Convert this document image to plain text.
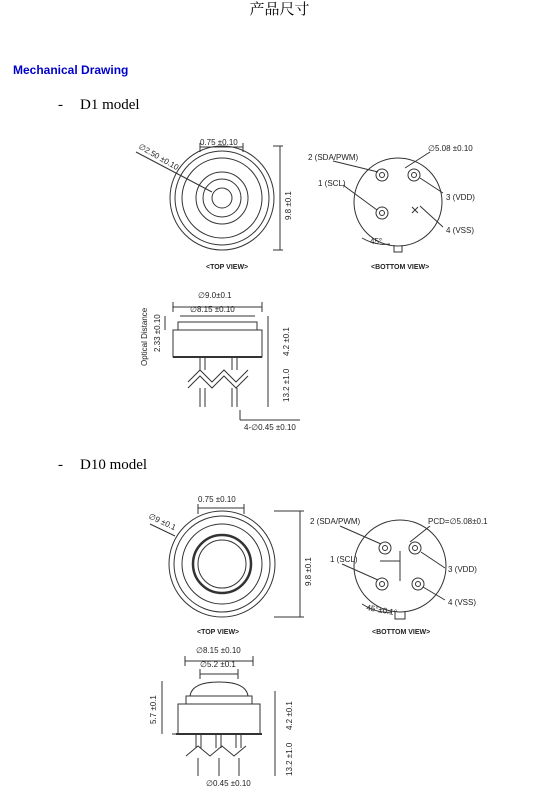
产品尺寸
Mechanical Drawing
- D1 model
0.75 ±0.10
∅2.50 ±0.10
9.8 ±0.1
<TOP VIEW>
2 (SDA/PWM)
∅5.08 ±0.10
1 (SCL)
3 (VDD)
4 (VSS)
45°
<BOTTOM VIEW>
∅9.0±0.1
∅8.15 ±0.10
2.33 ±0.10
Optical Distance	4.2 ±0.1
13.2 ±1.0
4-∅0.45 ±0.10
- D10 model
0.75 ±0.10
∅9 ±0.1
9.8 ±0.1
<TOP VIEW>
2 (SDA/PWM)	PCD=∅5.08±0.1
1 (SCL)
3 (VDD)
4 (VSS)
45°±0.1°
<BOTTOM VIEW>
∅8.15 ±0.10
∅5.2 ±0.1
5.7 ±0.1	4.2 ±0.1
13.2 ±1.0
∅0.45 ±0.10
